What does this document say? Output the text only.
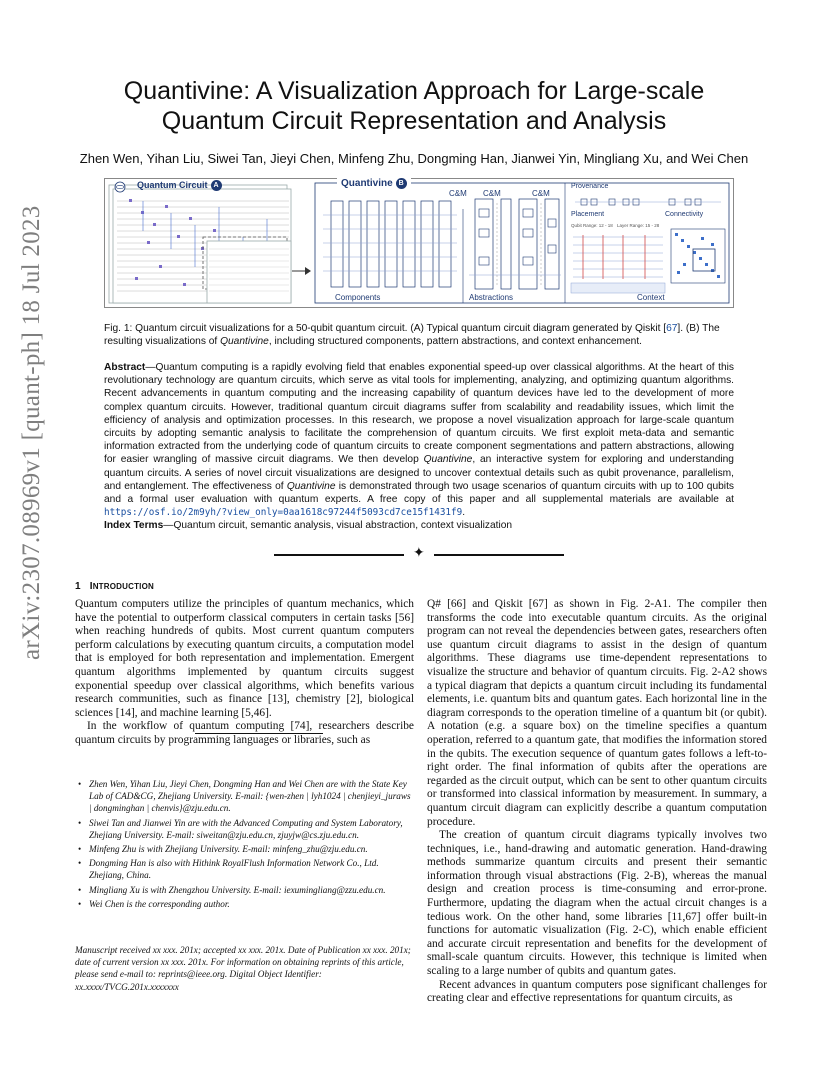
arXiv:2307.08969v1 [quant-ph] 18 Jul 2023
Quantivine: A Visualization Approach for Large-scale
Quantum Circuit Representation and Analysis
Zhen Wen, Yihan Liu, Siwei Tan, Jieyi Chen, Minfeng Zhu, Dongming Han, Jianwei Yin, Mingliang Xu, and Wei Chen
Quantum Circuit A	Quantivine B
C&M C&M	C&M
Provenance
Placement	Connectivity
Qubit Range: 12 - 18 Layer Range: 15 - 28
Components	Abstractions	Context
Fig. 1: Quantum circuit visualizations for a 50-qubit quantum circuit. (A) Typical quantum circuit diagram generated by Qiskit [67]. (B) The resulting visualizations of Quantivine, including structured components, pattern abstractions, and context enhancement.
Abstract—Quantum computing is a rapidly evolving field that enables exponential speed-up over classical algorithms. At the heart of this revolutionary technology are quantum circuits, which serve as vital tools for implementing, analyzing, and optimizing quantum algorithms. Recent advancements in quantum computing and the increasing capability of quantum devices have led to the development of more complex quantum circuits. However, traditional quantum circuit diagrams suffer from scalability and readability issues, which limit the efficiency of analysis and optimization processes. In this research, we propose a novel visualization approach for large-scale quantum circuits by adopting semantic analysis to facilitate the comprehension of quantum circuits. We first exploit meta-data and semantic information extracted from the underlying code of quantum circuits to create component segmentations and pattern abstractions, allowing for easier wrangling of massive circuit diagrams. We then develop Quantivine, an interactive system for exploring and understanding quantum circuits. A series of novel circuit visualizations are designed to uncover contextual details such as qubit provenance, parallelism, and entanglement. The effectiveness of Quantivine is demonstrated through two usage scenarios of quantum circuits with up to 100 qubits and a formal user evaluation with quantum experts. A free copy of this paper and all supplemental materials are available at https://osf.io/2m9yh/?view_only=0aa1618c97244f5093cd7ce15f1431f9.
Index Terms—Quantum circuit, semantic analysis, visual abstraction, context visualization
✦
1 INTRODUCTION

Quantum computers utilize the principles of quantum mechanics, which have the potential to outperform classical computers in certain tasks [56] when reaching hundreds of qubits. Most current quantum computers perform calculations by executing quantum circuits, a computation model that is employed for both representation and implementation. Emergent quantum algorithms implemented by quantum circuits suggest exponential speedup over classical algorithms, which benefits various research communities, such as finance [13], chemistry [2], biological sciences [14], and machine learning [5,46].

In the workflow of quantum computing [74], researchers describe quantum circuits by programming languages or libraries, such as

• Zhen Wen, Yihan Liu, Jieyi Chen, Dongming Han and Wei Chen are with the State Key Lab of CAD&CG, Zhejiang University. E-mail: {wen-zhen | lyh1024 | chenjieyi_juraws | dongminghan | chenvis}@zju.edu.cn.
• Siwei Tan and Jianwei Yin are with the Advanced Computing and System Laboratory, Zhejiang University. E-mail: siweitan@zju.edu.cn, zjuyjw@cs.zju.edu.cn.
• Minfeng Zhu is with Zhejiang University. E-mail: minfeng_zhu@zju.edu.cn.
• Dongming Han is also with Hithink RoyalFlush Information Network Co., Ltd. Zhejiang, China.
• Mingliang Xu is with Zhengzhou University. E-mail: iexumingliang@zzu.edu.cn.
• Wei Chen is the corresponding author.
Manuscript received xx xxx. 201x; accepted xx xxx. 201x. Date of Publication xx xxx. 201x; date of current version xx xxx. 201x. For information on obtaining reprints of this article, please send e-mail to: reprints@ieee.org. Digital Object Identifier: xx.xxxx/TVCG.201x.xxxxxxx

Q# [66] and Qiskit [67] as shown in Fig. 2-A1. The compiler then transforms the code into executable quantum circuits. As the original program can not reveal the dependencies between gates, researchers often use quantum circuit diagrams to assist in the design of quantum algorithms. These diagrams use time-dependent representations to visualize the structure and behavior of quantum circuits. Fig. 2-A2 shows a typical diagram that depicts a quantum circuit including its fundamental elements, i.e. quantum bits and quantum gates. Each horizontal line in the diagram corresponds to the operation timeline of a quantum bit (or qubit). A notation (e.g. a square box) on the timeline specifies a quantum operation, referred to a quantum gate, that modifies the information stored in the qubits. The execution sequence of quantum gates follows a left-to-right order. The final information of qubits after the operations are regarded as the circuit output, which can be sent to other quantum circuits or transformed into classical information by measurement. In summary, a quantum circuit diagram can explicitly describe a quantum computation procedure.

The creation of quantum circuit diagrams typically involves two techniques, i.e., hand-drawing and automatic generation. Hand-drawing methods summarize quantum circuits and present their semantic information through visual abstractions (Fig. 2-B), whereas the manual design and creation process is time-consuming and error-prone. Furthermore, updating the diagram when the actual circuit changes is a tedious work. On the other hand, some libraries [11,67] offer built-in functions for automatic visualization (Fig. 2-C), which enable efficient and accurate circuit representation and benefits for the development of small-scale quantum circuits. However, this technique is limited when scaling to a large number of qubits and quantum gates.

Recent advances in quantum computers pose significant challenges for creating clear and effective representations for quantum circuits, as
